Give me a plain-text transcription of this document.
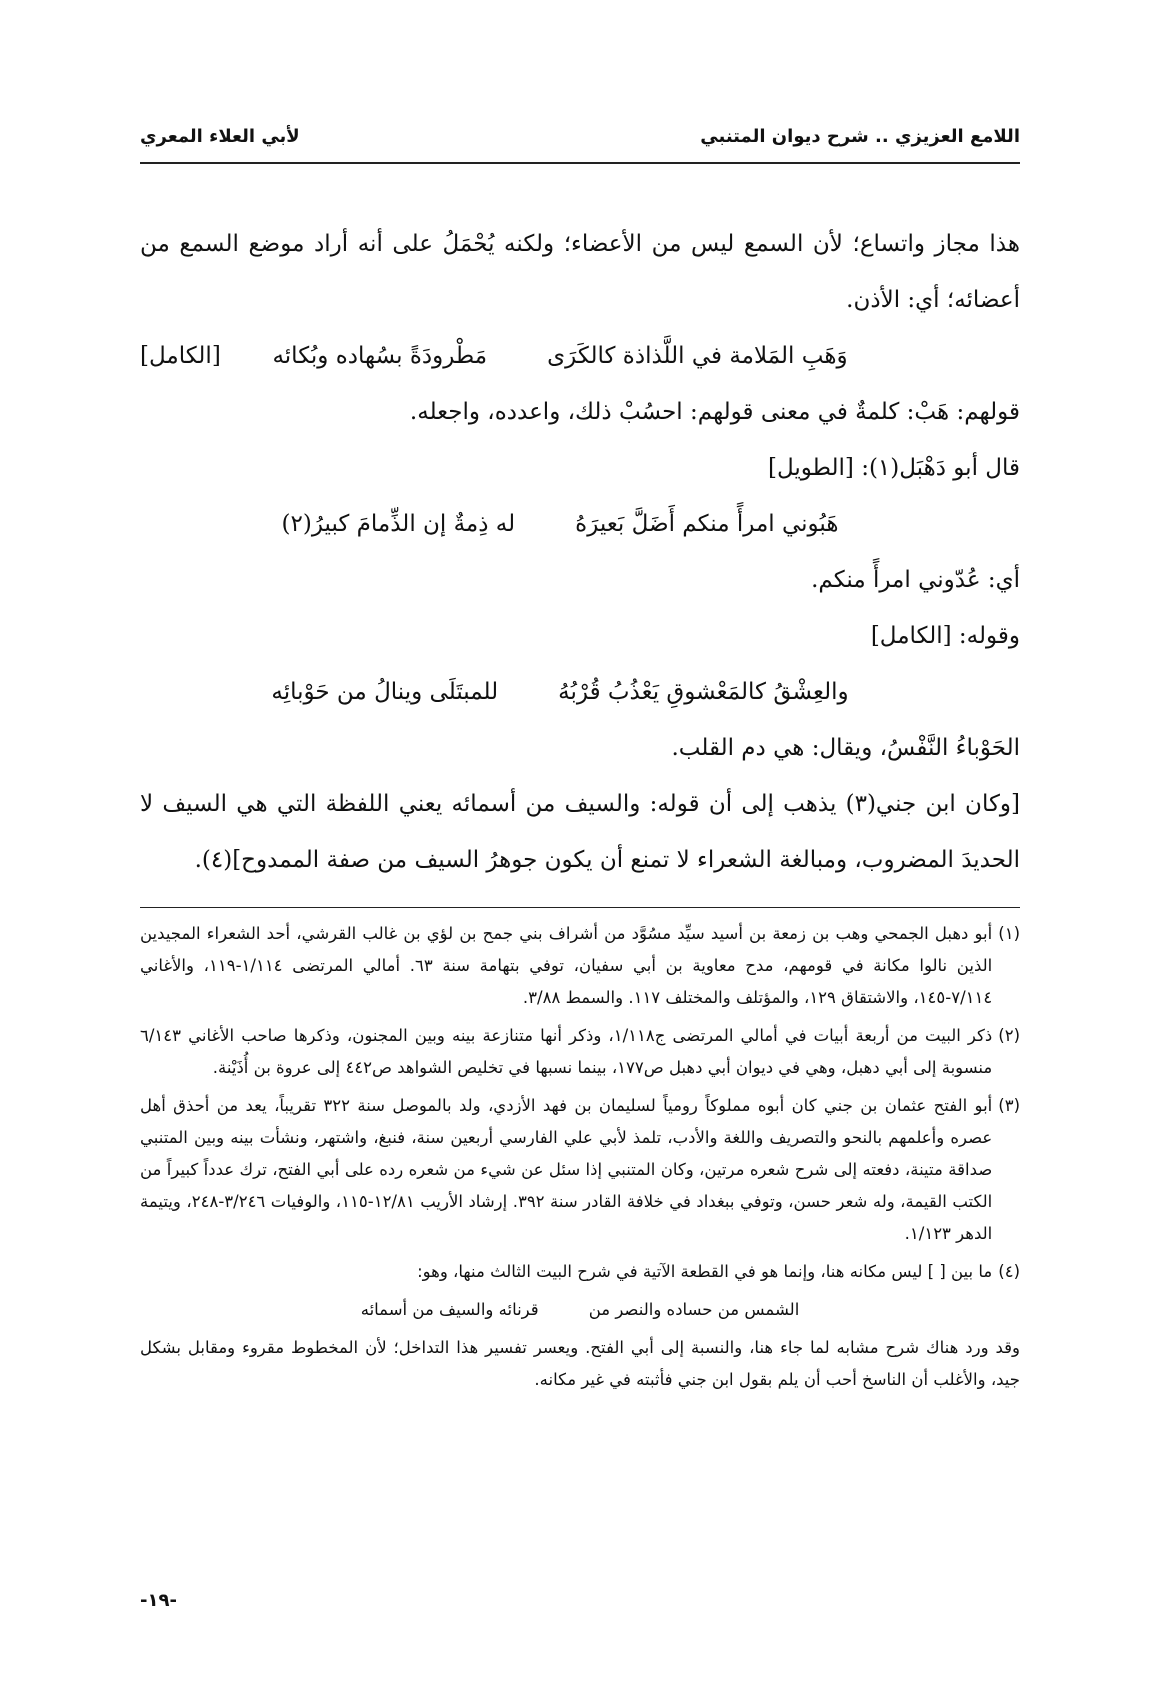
اللامع العزيزي .. شرح ديوان المتنبي
لأبي العلاء المعري

هذا مجاز واتساع؛ لأن السمع ليس من الأعضاء؛ ولكنه يُحْمَلُ على أنه أراد موضع السمع من أعضائه؛ أي: الأذن.

وَهَبِ المَلامة في اللَّذاذة كالكَرَى
مَطْرودَةً بسُهاده وبُكائه
[الكامل]

قولهم: هَبْ: كلمةٌ في معنى قولهم: احسُبْ ذلك، واعدده، واجعله.

قال أبو دَهْبَل(١): [الطويل]

هَبُوني امرأً منكم أَضَلَّ بَعيرَهُ
له ذِمةٌ إن الذِّمامَ كبيرُ(٢)

أي: عُدّوني امرأً منكم.

وقوله: [الكامل]

والعِشْقُ كالمَعْشوقِ يَعْذُبُ قُرْبُهُ
للمبتَلَى وينالُ من حَوْبائِه

الحَوْباءُ النَّفْسُ، ويقال: هي دم القلب.

[وكان ابن جني(٣) يذهب إلى أن قوله: والسيف من أسمائه يعني اللفظة التي هي السيف لا الحديدَ المضروب، ومبالغة الشعراء لا تمنع أن يكون جوهرُ السيف من صفة الممدوح](٤).

(١)
أبو دهبل الجمحي وهب بن زمعة بن أسيد سيِّد مسُوَّد من أشراف بني جمح بن لؤي بن غالب القرشي، أحد الشعراء المجيدين الذين نالوا مكانة في قومهم، مدح معاوية بن أبي سفيان، توفي بتهامة سنة ٦٣. أمالي المرتضى ١/١١٤-١١٩، والأغاني ٧/١١٤-١٤٥، والاشتقاق ١٢٩، والمؤتلف والمختلف ١١٧. والسمط ٣/٨٨.
(٢)
ذكر البيت من أربعة أبيات في أمالي المرتضى ج١/١١٨، وذكر أنها متنازعة بينه وبين المجنون، وذكرها صاحب الأغاني ٦/١٤٣ منسوبة إلى أبي دهبل، وهي في ديوان أبي دهبل ص١٧٧، بينما نسبها في تخليص الشواهد ص٤٤٢ إلى عروة بن أُذَيْنة.
(٣)
أبو الفتح عثمان بن جني كان أبوه مملوكاً رومياً لسليمان بن فهد الأزدي، ولد بالموصل سنة ٣٢٢ تقريباً، يعد من أحذق أهل عصره وأعلمهم بالنحو والتصريف واللغة والأدب، تلمذ لأبي علي الفارسي أربعين سنة، فنبغ، واشتهر، ونشأت بينه وبين المتنبي صداقة متينة، دفعته إلى شرح شعره مرتين، وكان المتنبي إذا سئل عن شيء من شعره رده على أبي الفتح، ترك عدداً كبيراً من الكتب القيمة، وله شعر حسن، وتوفي ببغداد في خلافة القادر سنة ٣٩٢. إرشاد الأريب ١٢/٨١-١١٥، والوفيات ٣/٢٤٦-٢٤٨، ويتيمة الدهر ١/١٢٣.
(٤)
ما بين [ ] ليس مكانه هنا، وإنما هو في القطعة الآتية في شرح البيت الثالث منها، وهو:
الشمس من حساده والنصر من
قرنائه والسيف من أسمائه

وقد ورد هناك شرح مشابه لما جاء هنا، والنسبة إلى أبي الفتح. ويعسر تفسير هذا التداخل؛ لأن المخطوط مقروء ومقابل بشكل جيد، والأغلب أن الناسخ أحب أن يلم بقول ابن جني فأثبته في غير مكانه.

-١٩-
